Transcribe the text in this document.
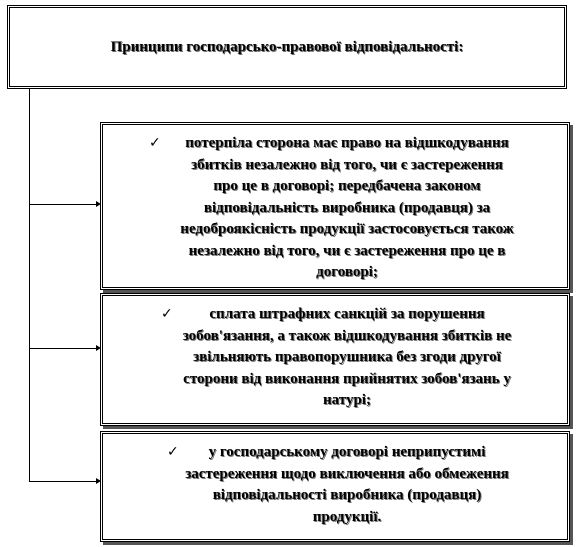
Принципи господарсько-правової відповідальності:
✓	потерпіла сторона має право на відшкодування
збитків незалежно від того, чи є застереження
про це в договорі; передбачена законом
відповідальність виробника (продавця) за
недоброякісність продукції застосовується також
незалежно від того, чи є застереження про це в
договорі;
✓	сплата штрафних санкцій за порушення
зобов'язання, а також відшкодування збитків не
звільняють правопорушника без згоди другої
сторони від виконання прийнятих зобов'язань у
натурі;
✓	у господарському договорі неприпустимі
застереження щодо виключення або обмеження
відповідальності виробника (продавця)
продукції.
